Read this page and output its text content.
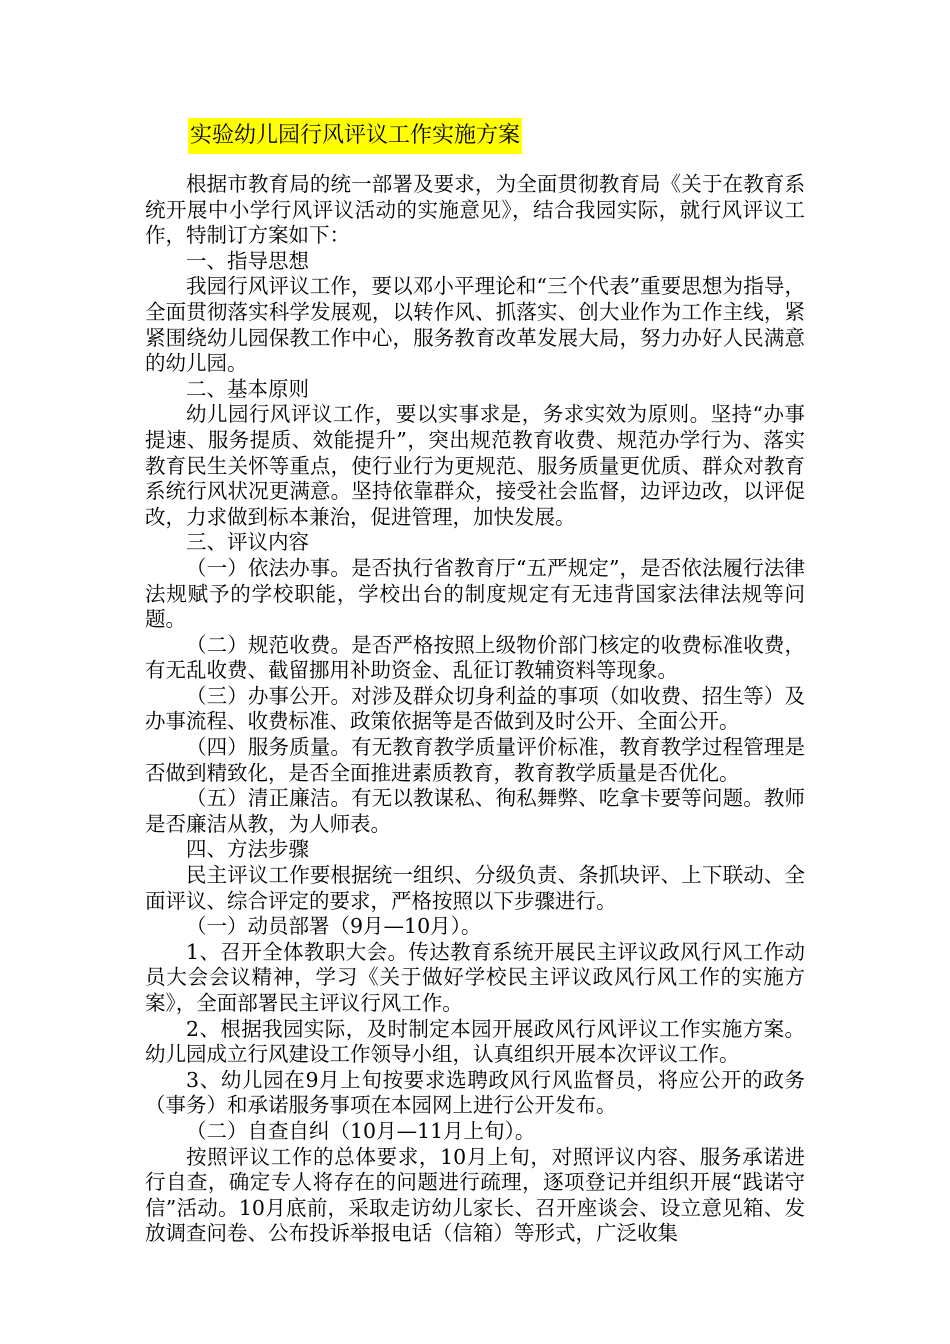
实验幼儿园行风评议工作实施方案

根据市教育局的统一部署及要求，为全面贯彻教育局《关于在教育系统开展中小学行风评议活动的实施意见》，结合我园实际，就行风评议工作，特制订方案如下：

一、指导思想

我园行风评议工作，要以邓小平理论和“三个代表”重要思想为指导，全面贯彻落实科学发展观，以转作风、抓落实、创大业作为工作主线，紧紧围绕幼儿园保教工作中心，服务教育改革发展大局，努力办好人民满意的幼儿园。

二、基本原则

幼儿园行风评议工作，要以实事求是，务求实效为原则。坚持“办事提速、服务提质、效能提升”，突出规范教育收费、规范办学行为、落实教育民生关怀等重点，使行业行为更规范、服务质量更优质、群众对教育系统行风状况更满意。坚持依靠群众，接受社会监督，边评边改，以评促改，力求做到标本兼治，促进管理，加快发展。

三、评议内容

（一）依法办事。是否执行省教育厅“五严规定”，是否依法履行法律法规赋予的学校职能，学校出台的制度规定有无违背国家法律法规等问题。

（二）规范收费。是否严格按照上级物价部门核定的收费标准收费，有无乱收费、截留挪用补助资金、乱征订教辅资料等现象。

（三）办事公开。对涉及群众切身利益的事项（如收费、招生等）及办事流程、收费标准、政策依据等是否做到及时公开、全面公开。

（四）服务质量。有无教育教学质量评价标准，教育教学过程管理是否做到精致化，是否全面推进素质教育，教育教学质量是否优化。

（五）清正廉洁。有无以教谋私、徇私舞弊、吃拿卡要等问题。教师是否廉洁从教，为人师表。

四、方法步骤

民主评议工作要根据统一组织、分级负责、条抓块评、上下联动、全面评议、综合评定的要求，严格按照以下步骤进行。

（一）动员部署（9月—10月）。

1、召开全体教职大会。传达教育系统开展民主评议政风行风工作动员大会会议精神，学习《关于做好学校民主评议政风行风工作的实施方案》，全面部署民主评议行风工作。

2、根据我园实际，及时制定本园开展政风行风评议工作实施方案。幼儿园成立行风建设工作领导小组，认真组织开展本次评议工作。

3、幼儿园在9月上旬按要求选聘政风行风监督员，将应公开的政务（事务）和承诺服务事项在本园网上进行公开发布。

（二）自查自纠（10月—11月上旬）。

按照评议工作的总体要求，10月上旬，对照评议内容、服务承诺进行自查，确定专人将存在的问题进行疏理，逐项登记并组织开展“践诺守信”活动。10月底前，采取走访幼儿家长、召开座谈会、设立意见箱、发放调查问卷、公布投诉举报电话（信箱）等形式，广泛收集
